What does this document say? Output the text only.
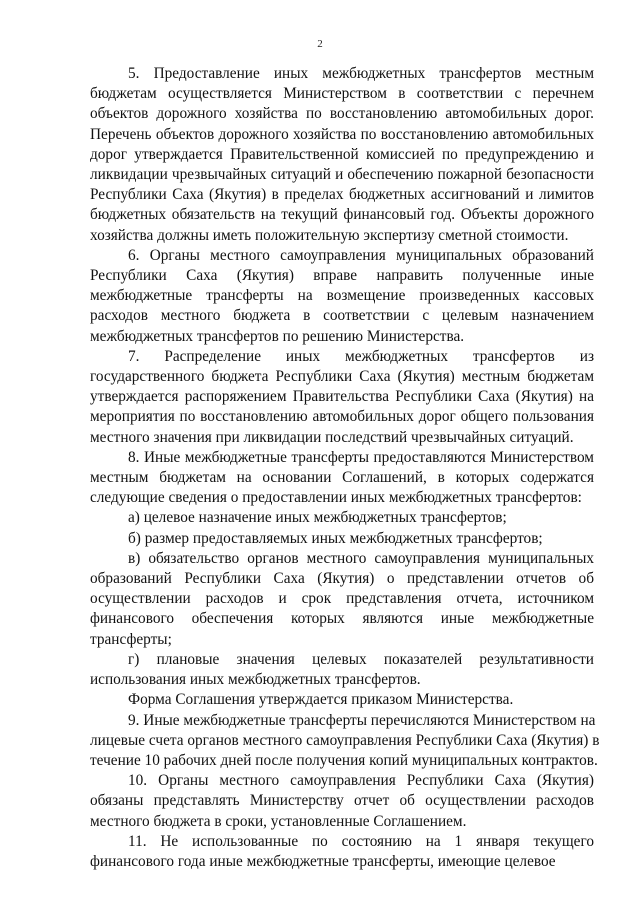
2
5. Предоставление иных межбюджетных трансфертов местным
бюджетам осуществляется Министерством в соответствии с перечнем
объектов дорожного хозяйства по восстановлению автомобильных дорог.
Перечень объектов дорожного хозяйства по восстановлению автомобильных
дорог утверждается Правительственной комиссией по предупреждению и
ликвидации чрезвычайных ситуаций и обеспечению пожарной безопасности
Республики Саха (Якутия) в пределах бюджетных ассигнований и лимитов
бюджетных обязательств на текущий финансовый год. Объекты дорожного
хозяйства должны иметь положительную экспертизу сметной стоимости.
6. Органы местного самоуправления муниципальных образований
Республики Саха (Якутия) вправе направить полученные иные
межбюджетные трансферты на возмещение произведенных кассовых
расходов местного бюджета в соответствии с целевым назначением
межбюджетных трансфертов по решению Министерства.
7. Распределение иных межбюджетных трансфертов из
государственного бюджета Республики Саха (Якутия) местным бюджетам
утверждается распоряжением Правительства Республики Саха (Якутия) на
мероприятия по восстановлению автомобильных дорог общего пользования
местного значения при ликвидации последствий чрезвычайных ситуаций.
8. Иные межбюджетные трансферты предоставляются Министерством
местным бюджетам на основании Соглашений, в которых содержатся
следующие сведения о предоставлении иных межбюджетных трансфертов:
а) целевое назначение иных межбюджетных трансфертов;
б) размер предоставляемых иных межбюджетных трансфертов;
в) обязательство органов местного самоуправления муниципальных
образований Республики Саха (Якутия) о представлении отчетов об
осуществлении расходов и срок представления отчета, источником
финансового обеспечения которых являются иные межбюджетные
трансферты;
г) плановые значения целевых показателей результативности
использования иных межбюджетных трансфертов.
Форма Соглашения утверждается приказом Министерства.
9. Иные межбюджетные трансферты перечисляются Министерством на
лицевые счета органов местного самоуправления Республики Саха (Якутия) в
течение 10 рабочих дней после получения копий муниципальных контрактов.
10. Органы местного самоуправления Республики Саха (Якутия)
обязаны представлять Министерству отчет об осуществлении расходов
местного бюджета в сроки, установленные Соглашением.
11. Не использованные по состоянию на 1 января текущего
финансового года иные межбюджетные трансферты, имеющие целевое
